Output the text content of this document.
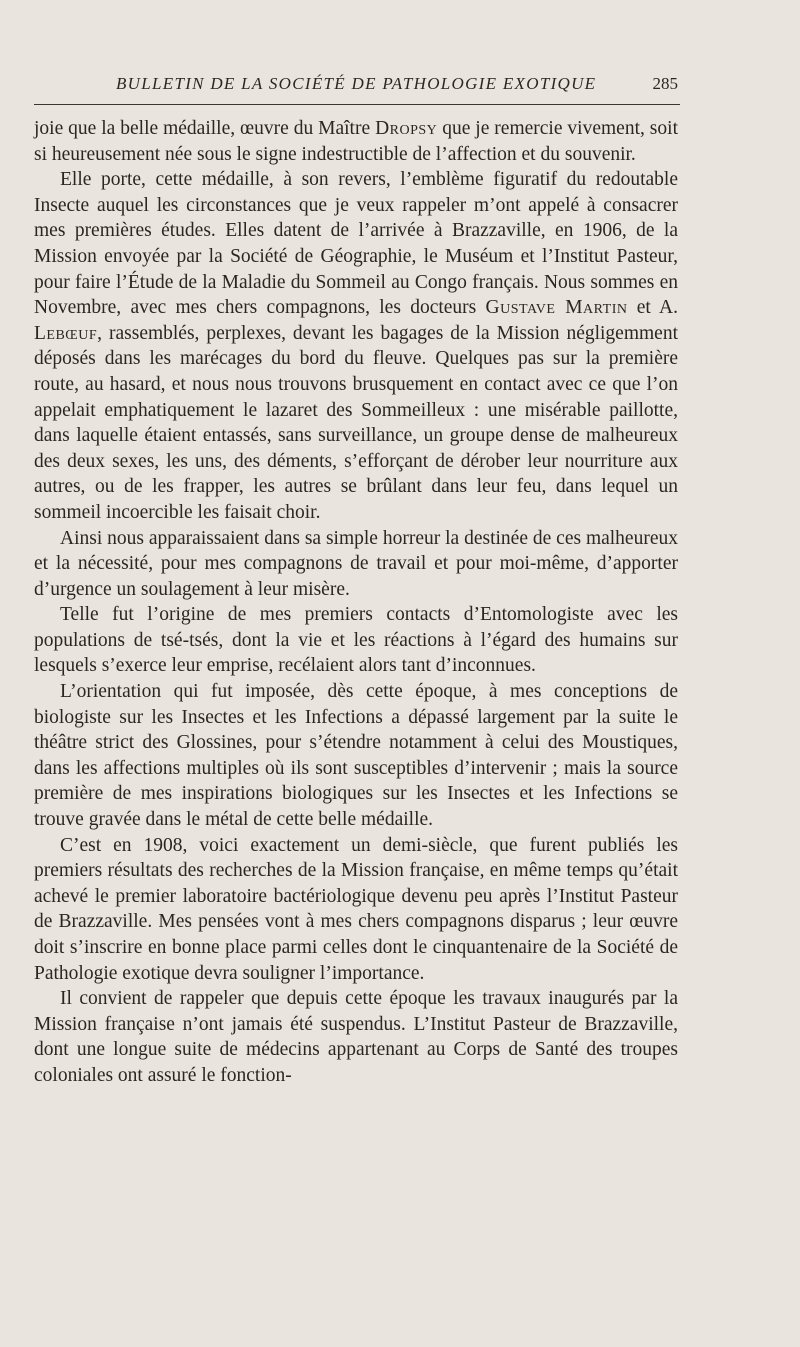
BULLETIN DE LA SOCIÉTÉ DE PATHOLOGIE EXOTIQUE	285

joie que la belle médaille, œuvre du Maître Dropsy que je remercie vivement, soit si heureusement née sous le signe indestructible de l’affection et du souvenir.

Elle porte, cette médaille, à son revers, l’emblème figuratif du redoutable Insecte auquel les circonstances que je veux rappeler m’ont appelé à consacrer mes premières études. Elles datent de l’arrivée à Brazzaville, en 1906, de la Mission envoyée par la Société de Géographie, le Muséum et l’Institut Pasteur, pour faire l’Étude de la Maladie du Sommeil au Congo français. Nous sommes en Novembre, avec mes chers compagnons, les docteurs Gustave Martin et A. Lebœuf, rassemblés, perplexes, devant les bagages de la Mission négligemment déposés dans les marécages du bord du fleuve. Quelques pas sur la première route, au hasard, et nous nous trouvons brusquement en contact avec ce que l’on appelait emphatiquement le lazaret des Sommeilleux : une misérable paillotte, dans laquelle étaient entassés, sans surveillance, un groupe dense de malheureux des deux sexes, les uns, des déments, s’efforçant de dérober leur nourriture aux autres, ou de les frapper, les autres se brûlant dans leur feu, dans lequel un sommeil incoercible les faisait choir.

Ainsi nous apparaissaient dans sa simple horreur la destinée de ces malheureux et la nécessité, pour mes compagnons de travail et pour moi-même, d’apporter d’urgence un soulagement à leur misère.

Telle fut l’origine de mes premiers contacts d’Entomologiste avec les populations de tsé-tsés, dont la vie et les réactions à l’égard des humains sur lesquels s’exerce leur emprise, recélaient alors tant d’inconnues.

L’orientation qui fut imposée, dès cette époque, à mes conceptions de biologiste sur les Insectes et les Infections a dépassé largement par la suite le théâtre strict des Glossines, pour s’étendre notamment à celui des Moustiques, dans les affections multiples où ils sont susceptibles d’intervenir ; mais la source première de mes inspirations biologiques sur les Insectes et les Infections se trouve gravée dans le métal de cette belle médaille.

C’est en 1908, voici exactement un demi-siècle, que furent publiés les premiers résultats des recherches de la Mission française, en même temps qu’était achevé le premier laboratoire bactériologique devenu peu après l’Institut Pasteur de Brazzaville. Mes pensées vont à mes chers compagnons disparus ; leur œuvre doit s’inscrire en bonne place parmi celles dont le cinquantenaire de la Société de Pathologie exotique devra souligner l’importance.

Il convient de rappeler que depuis cette époque les travaux inaugurés par la Mission française n’ont jamais été suspendus. L’Institut Pasteur de Brazzaville, dont une longue suite de médecins appartenant au Corps de Santé des troupes coloniales ont assuré le fonction-
